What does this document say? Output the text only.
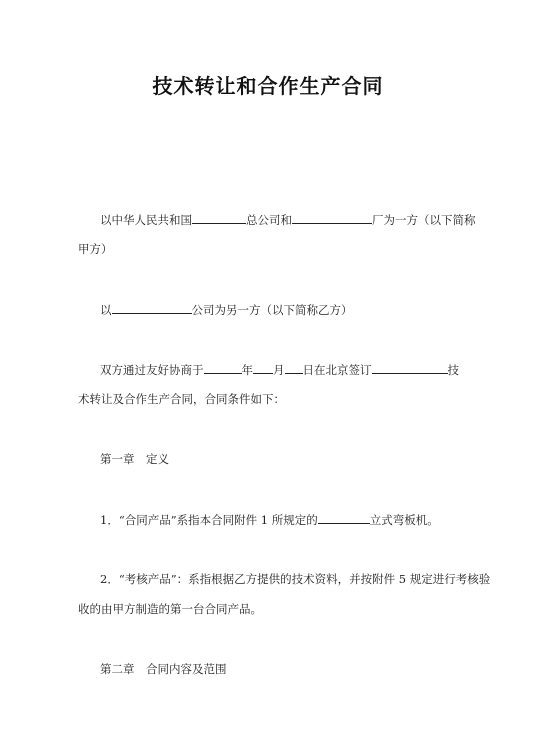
技术转让和合作生产合同
以中华人民共和国	总公司和	厂为一方（以下简称
甲方）
以	公司为另一方（以下简称乙方）
双方通过友好协商于	年 月 日在北京签订	技
术转让及合作生产合同，合同条件如下：
第一章　定义
1．“合同产品”系指本合同附件 1 所规定的	立式弯板机。
2．“考核产品”：系指根据乙方提供的技术资料，并按附件 5 规定进行考核验
收的由甲方制造的第一台合同产品。
第二章　合同内容及范围
